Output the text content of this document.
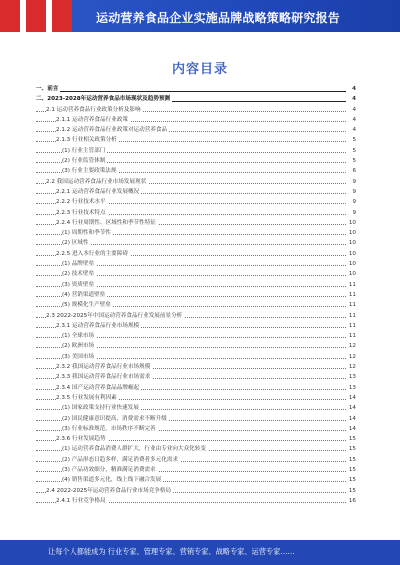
运动营养食品企业实施品牌战略策略研究报告
内容目录
一、前言	4
二、2023-2028年运动营养食品市场现状及趋势预测	4
2.1 运动营养食品行业政策分析及影响	4
2.1.1 运动营养食品行业政策	4
2.1.2 运动营养食品行业政策对运动营养食品	4
2.1.3 行业相关政策分析	5
(1) 行业主管部门	5
(2) 行业监管体制	5
(3) 行业主要政策法规	6
2.2 我国运动营养食品行业市场发展现状	9
2.2.1 运动营养食品行业发展概况	9
2.2.2 行业技术水平	9
2.2.3 行业技术特点	9
2.2.4 行业周期性、区域性和季节性特征	10
(1) 周期性和季节性	10
(2) 区域性	10
2.2.5 进入本行业的主要障碍	10
(1) 品牌壁垒	10
(2) 技术壁垒	10
(3) 资质壁垒	11
(4) 营销渠道壁垒	11
(5) 规模化生产壁垒	11
2.3 2022-2025年中国运动营养食品行业发展前景分析	11
2.3.1 运动营养食品行业市场规模	11
(1) 全球市场	11
(2) 欧洲市场	12
(3) 美国市场	12
2.3.2 我国运动营养食品行业市场规模	12
2.3.3 我国运动营养食品行业市场需求	13
2.3.4 国产运动营养食品品牌崛起	13
2.3.5 行业发展有利因素	14
(1) 国家政策支持行业快速发展	14
(2) 国民健康意识提高，消费需求不断升级	14
(3) 行业标准规范，市场秩序不断完善	14
2.3.6 行业发展趋势	15
(1) 运动营养食品消费人群扩大，行业由专业向大众化转变	15
(2) 产品形态日趋多样，满足消费者多元化需求	15
(3) 产品功效细分，精准满足消费需求	15
(4) 销售渠道多元化，线上线下融合发展	15
2.4 2022-2025年运动营养食品行业市场竞争格局	15
2.4.1 行业竞争格局	16
让每个人都能成为 行业专家、管理专家、营销专家、战略专家、运营专家……
